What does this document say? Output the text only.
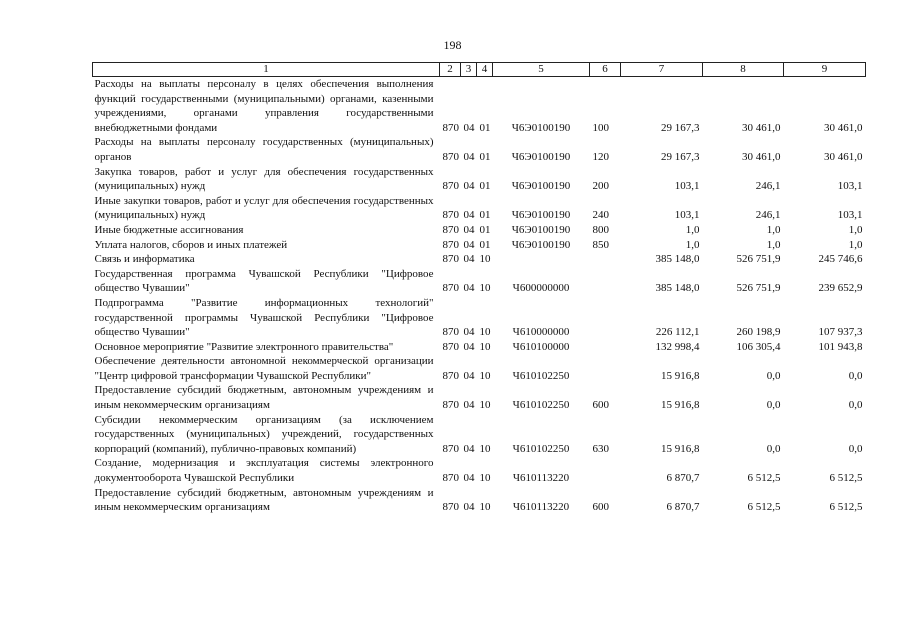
198
1	2	3	4	5	6	7	8	9
Расходы на выплаты персоналу в целях обеспечения выполнения функций государственными (муниципальными) органами, казенными учреждениями, органами управления государственными внебюджетными фондами	870	04	01	Ч6Э0100190	100	29 167,3	30 461,0	30 461,0
Расходы на выплаты персоналу государственных (муниципальных) органов	870	04	01	Ч6Э0100190	120	29 167,3	30 461,0	30 461,0
Закупка товаров, работ и услуг для обеспечения государственных (муниципальных) нужд	870	04	01	Ч6Э0100190	200	103,1	246,1	103,1
Иные закупки товаров, работ и услуг для обеспечения государственных (муниципальных) нужд	870	04	01	Ч6Э0100190	240	103,1	246,1	103,1
Иные бюджетные ассигнования	870	04	01	Ч6Э0100190	800	1,0	1,0	1,0
Уплата налогов, сборов и иных платежей	870	04	01	Ч6Э0100190	850	1,0	1,0	1,0
Связь и информатика	870	04	10			385 148,0	526 751,9	245 746,6
Государственная программа Чувашской Республики "Цифровое общество Чувашии"	870	04	10	Ч600000000		385 148,0	526 751,9	239 652,9
Подпрограмма "Развитие информационных технологий" государственной программы Чувашской Республики "Цифровое общество Чувашии"	870	04	10	Ч610000000		226 112,1	260 198,9	107 937,3
Основное мероприятие "Развитие электронного правительства"	870	04	10	Ч610100000		132 998,4	106 305,4	101 943,8
Обеспечение деятельности автономной некоммерческой организации "Центр цифровой трансформации Чувашской Республики"	870	04	10	Ч610102250		15 916,8	0,0	0,0
Предоставление субсидий бюджетным, автономным учреждениям и иным некоммерческим организациям	870	04	10	Ч610102250	600	15 916,8	0,0	0,0
Субсидии некоммерческим организациям (за исключением государственных (муниципальных) учреждений, государственных корпораций (компаний), публично-правовых компаний)	870	04	10	Ч610102250	630	15 916,8	0,0	0,0
Создание, модернизация и эксплуатация системы электронного документооборота Чувашской Республики	870	04	10	Ч610113220		6 870,7	6 512,5	6 512,5
Предоставление субсидий бюджетным, автономным учреждениям и иным некоммерческим организациям	870	04	10	Ч610113220	600	6 870,7	6 512,5	6 512,5
